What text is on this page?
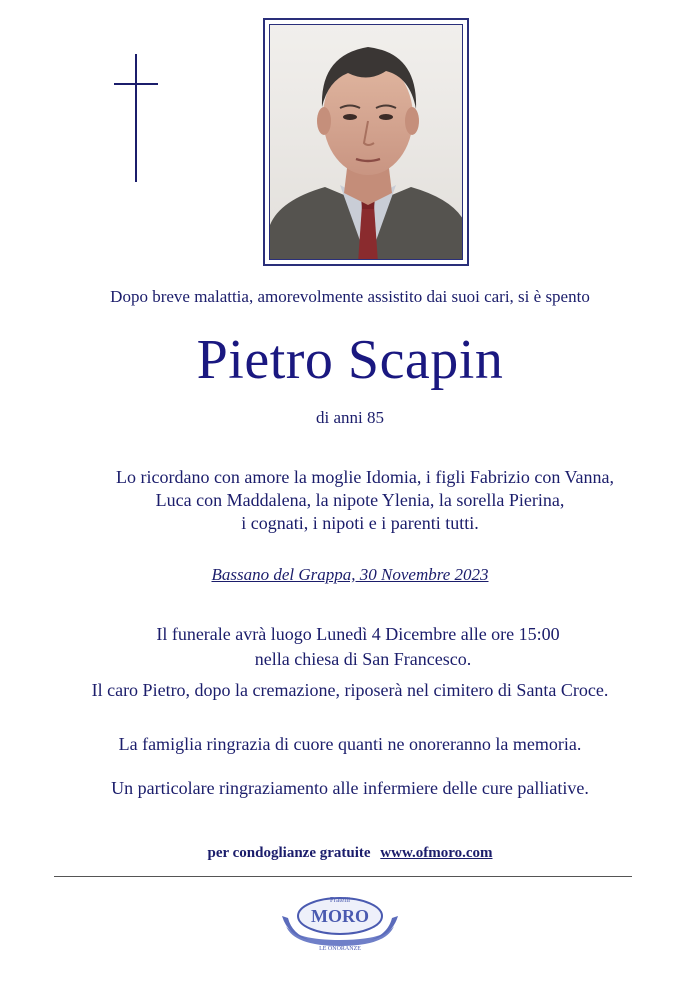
Dopo breve malattia, amorevolmente assistito dai suoi cari, si è spento
Pietro Scapin
di anni 85
Lo ricordano con amore la moglie Idomia, i figli Fabrizio con Vanna,
Luca con Maddalena, la nipote Ylenia, la sorella Pierina,
i cognati, i nipoti e i parenti tutti.
Bassano del Grappa, 30 Novembre 2023
Il funerale avrà luogo Lunedì 4 Dicembre alle ore 15:00
nella chiesa di San Francesco.
Il caro Pietro, dopo la cremazione, riposerà nel cimitero di Santa Croce.
La famiglia ringrazia di cuore quanti ne onoreranno la memoria.
Un particolare ringraziamento alle infermiere delle cure palliative.
per condoglianze gratuite www.ofmoro.com
Fratelli
MORO
LE ONORANZE
